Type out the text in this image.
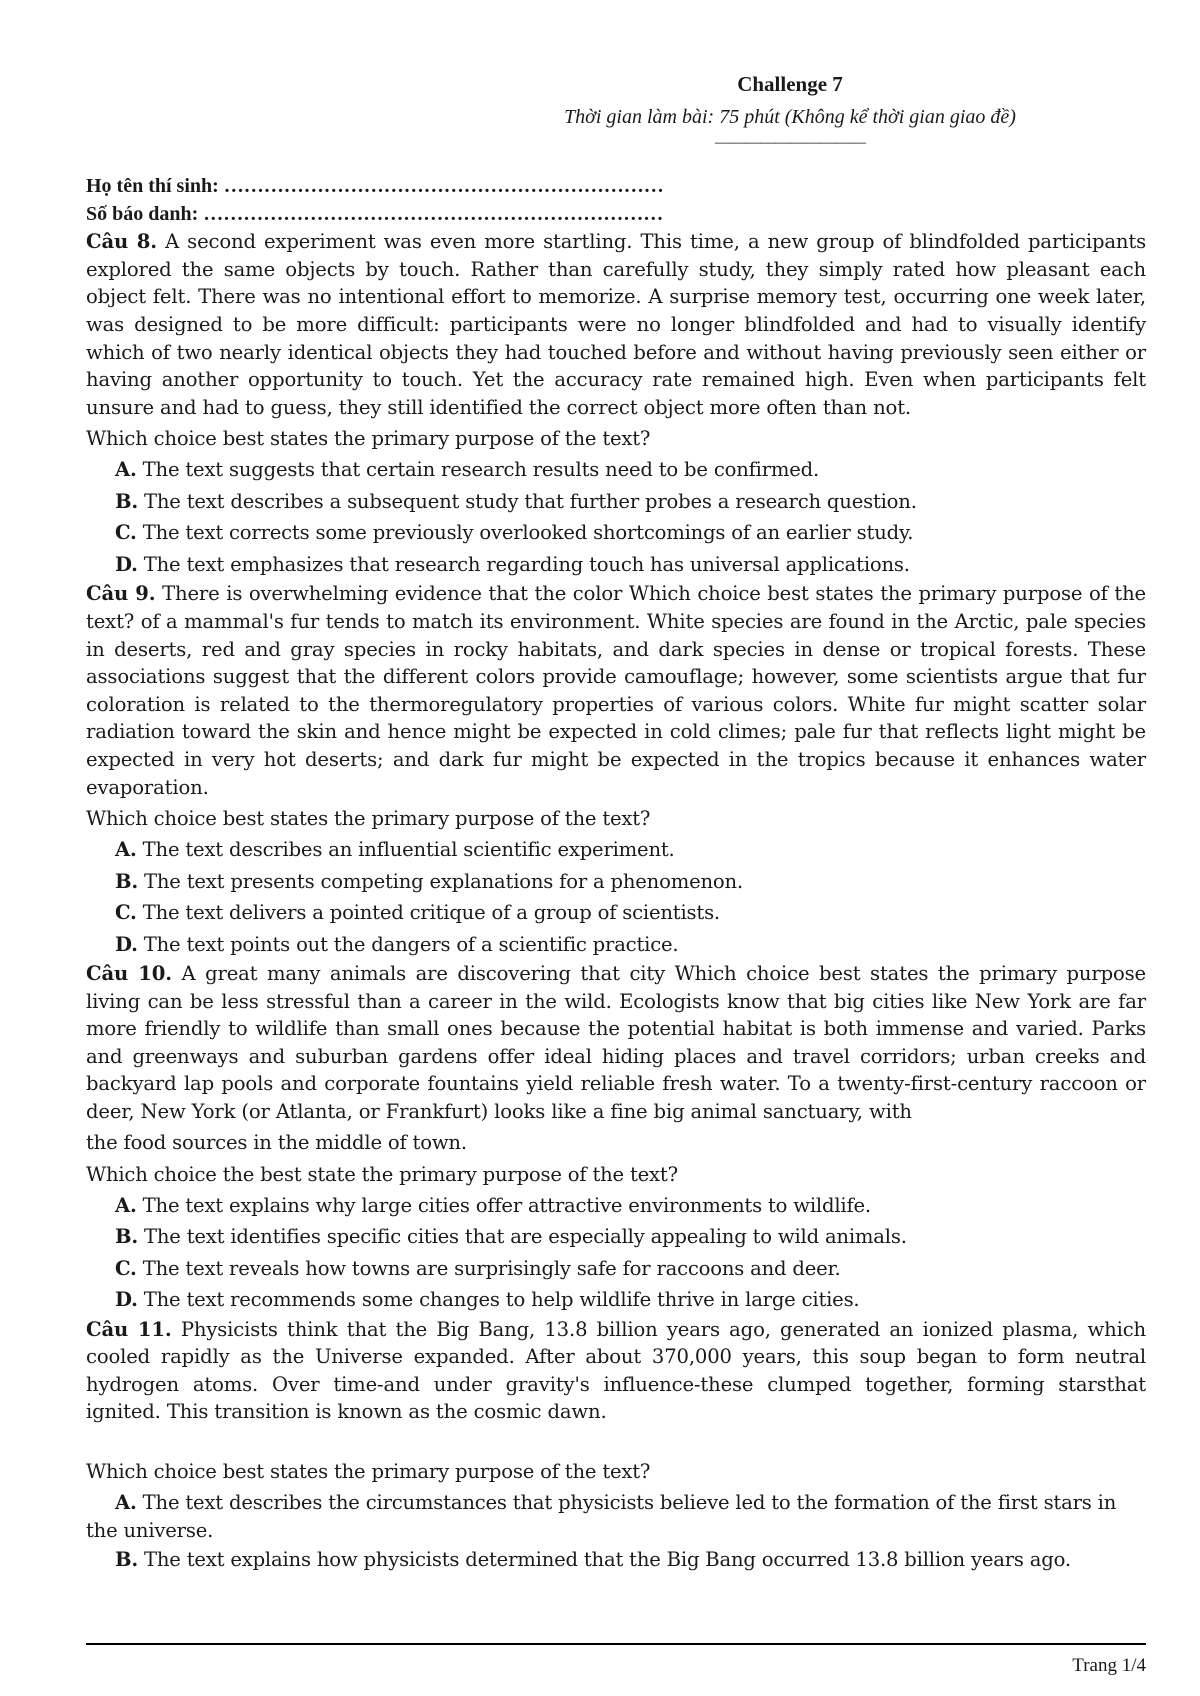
Challenge 7
Thời gian làm bài: 75 phút (Không kể thời gian giao đề)
——————————

Họ tên thí sinh: …………………………………………………………

Số báo danh: ……………………………………………………………

Câu 8. A second experiment was even more startling. This time, a new group of blindfolded participants explored the same objects by touch. Rather than carefully study, they simply rated how pleasant each object felt. There was no intentional effort to memorize. A surprise memory test, occurring one week later, was designed to be more difficult: participants were no longer blindfolded and had to visually identify which of two nearly identical objects they had touched before and without having previously seen either or having another opportunity to touch. Yet the accuracy rate remained high. Even when participants felt unsure and had to guess, they still identified the correct object more often than not.

Which choice best states the primary purpose of the text?

A. The text suggests that certain research results need to be confirmed.

B. The text describes a subsequent study that further probes a research question.

C. The text corrects some previously overlooked shortcomings of an earlier study.

D. The text emphasizes that research regarding touch has universal applications.

Câu 9. There is overwhelming evidence that the color Which choice best states the primary purpose of the text? of a mammal's fur tends to match its environment. White species are found in the Arctic, pale species in deserts, red and gray species in rocky habitats, and dark species in dense or tropical forests. These associations suggest that the different colors provide camouflage; however, some scientists argue that fur coloration is related to the thermoregulatory properties of various colors. White fur might scatter solar radiation toward the skin and hence might be expected in cold climes; pale fur that reflects light might be expected in very hot deserts; and dark fur might be expected in the tropics because it enhances water evaporation.

Which choice best states the primary purpose of the text?

A. The text describes an influential scientific experiment.

B. The text presents competing explanations for a phenomenon.

C. The text delivers a pointed critique of a group of scientists.

D. The text points out the dangers of a scientific practice.

Câu 10. A great many animals are discovering that city Which choice best states the primary purpose living can be less stressful than a career in the wild. Ecologists know that big cities like New York are far more friendly to wildlife than small ones because the potential habitat is both immense and varied. Parks and greenways and suburban gardens offer ideal hiding places and travel corridors; urban creeks and backyard lap pools and corporate fountains yield reliable fresh water. To a twenty-first-century raccoon or deer, New York (or Atlanta, or Frankfurt) looks like a fine big animal sanctuary, with

the food sources in the middle of town.

Which choice the best state the primary purpose of the text?

A. The text explains why large cities offer attractive environments to wildlife.

B. The text identifies specific cities that are especially appealing to wild animals.

C. The text reveals how towns are surprisingly safe for raccoons and deer.

D. The text recommends some changes to help wildlife thrive in large cities.

Câu 11. Physicists think that the Big Bang, 13.8 billion years ago, generated an ionized plasma, which cooled rapidly as the Universe expanded. After about 370,000 years, this soup began to form neutral hydrogen atoms. Over time-and under gravity's influence-these clumped together, forming starsthat ignited. This transition is known as the cosmic dawn.

Which choice best states the primary purpose of the text?

A. The text describes the circumstances that physicists believe led to the formation of the first stars in the universe.

B. The text explains how physicists determined that the Big Bang occurred 13.8 billion years ago.

Trang 1/4
